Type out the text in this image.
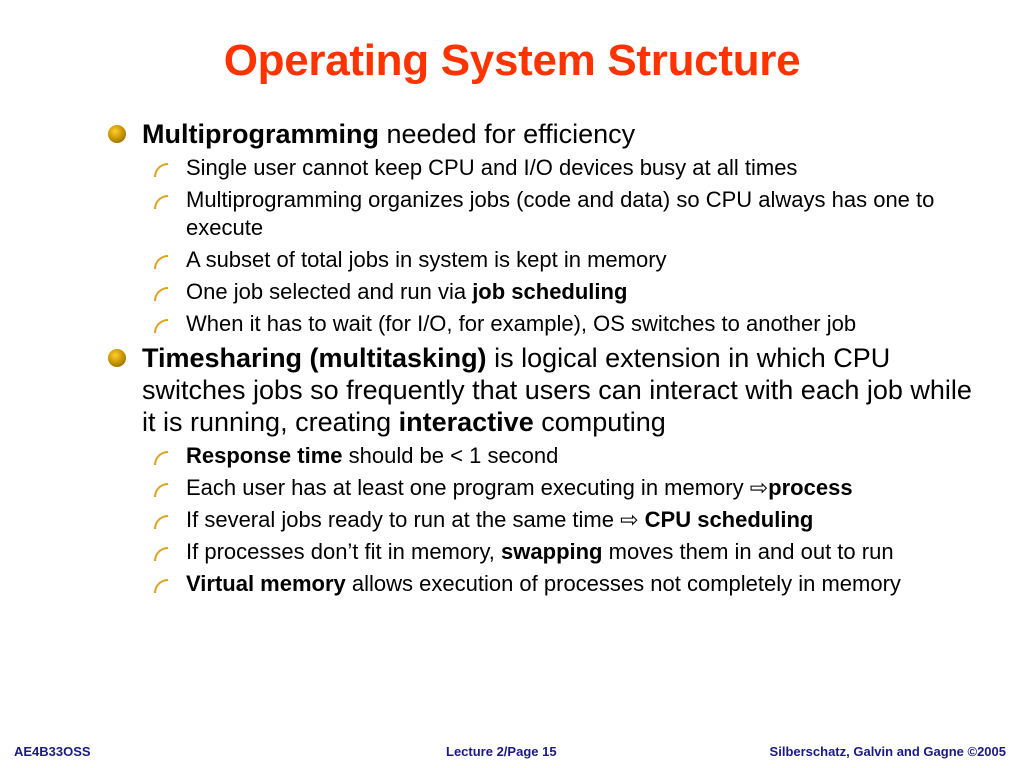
Operating System Structure

Multiprogramming needed for efficiency

Single user cannot keep CPU and I/O devices busy at all times

Multiprogramming organizes jobs (code and data) so CPU always has one to execute

A subset of total jobs in system is kept in memory

One job selected and run via job scheduling

When it has to wait (for I/O, for example), OS switches to another job

Timesharing (multitasking) is logical extension in which CPU switches jobs so frequently that users can interact with each job while it is running, creating interactive computing

Response time should be < 1 second

Each user has at least one program executing in memory ⇨process

If several jobs ready to run at the same time ⇨ CPU scheduling

If processes don’t fit in memory, swapping moves them in and out to run

Virtual memory allows execution of processes not completely in memory

AE4B33OSS	Lecture 2/Page 15	Silberschatz, Galvin and Gagne ©2005
